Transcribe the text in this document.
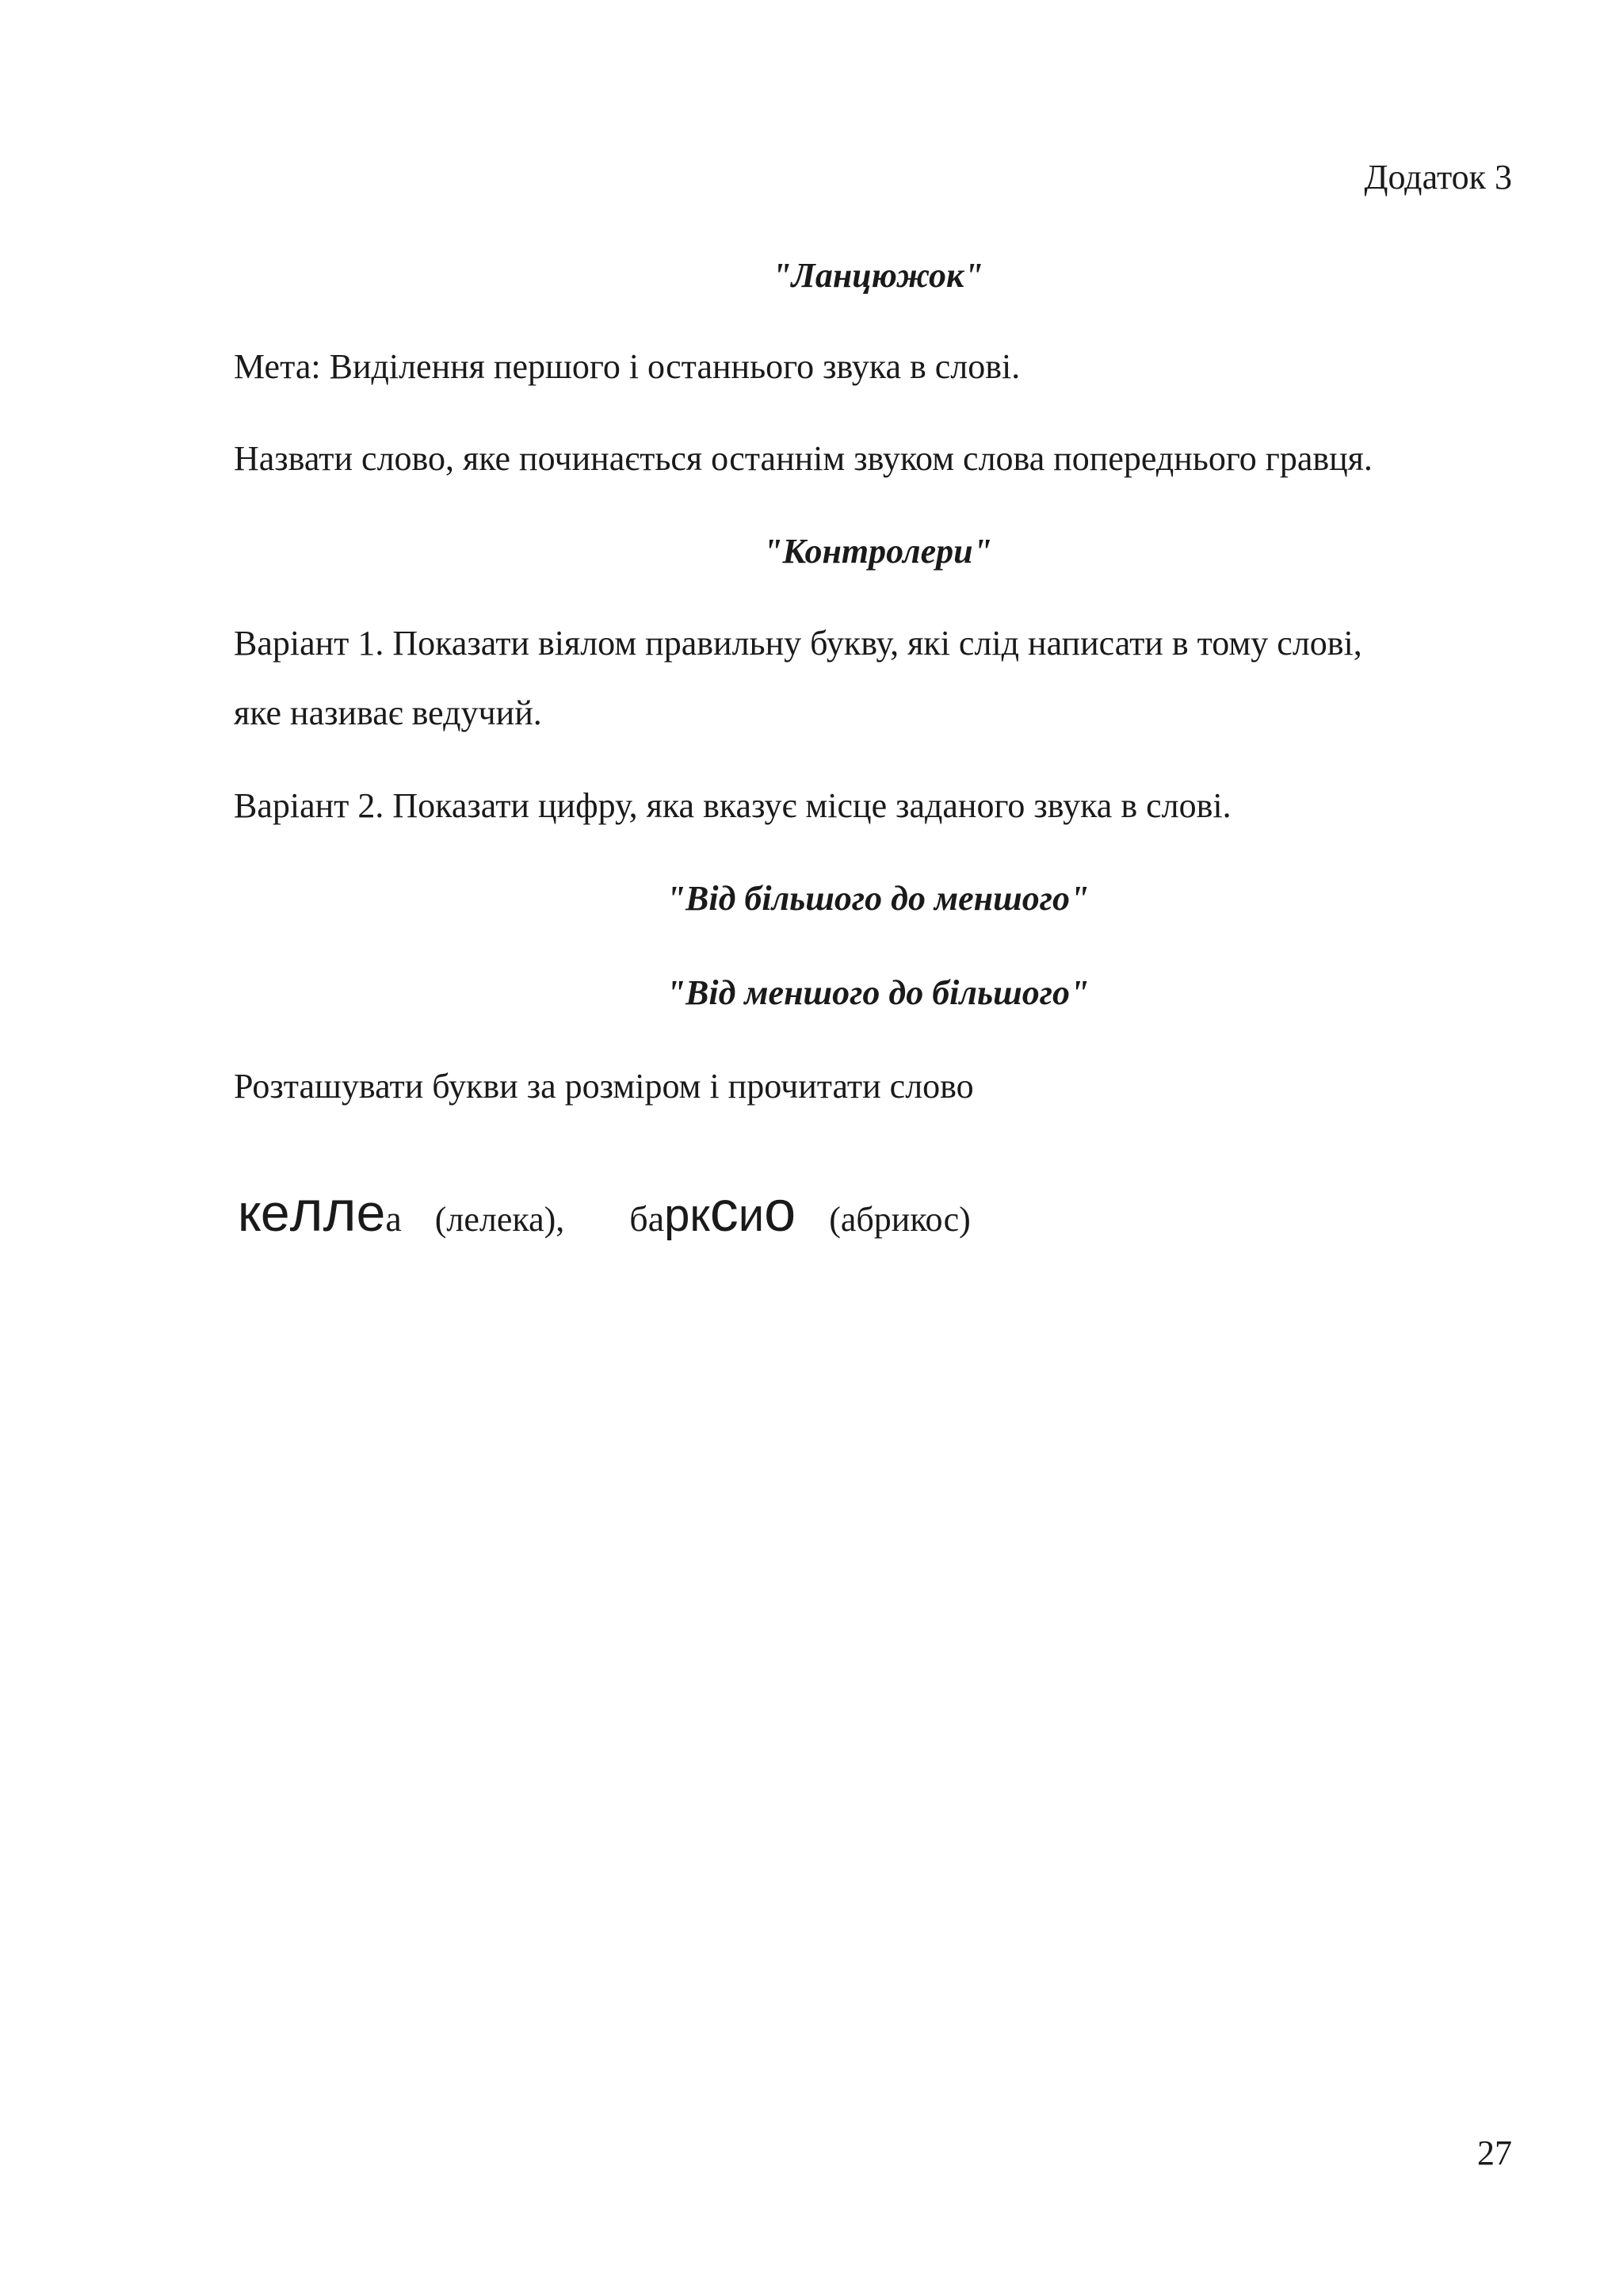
Додаток 3
"Ланцюжок"
Мета: Виділення першого і останнього звука в слові.
Назвати слово, яке починається останнім звуком слова попереднього гравця.
"Контролери"
Варіант 1. Показати віялом правильну букву, які слід написати в тому слові,
яке називає ведучий.
Варіант 2. Показати цифру, яка вказує місце заданого звука в слові.
"Від більшого до меншого"
"Від меншого до більшого"
Розташувати букви за розміром і прочитати слово
келлеа (лелека), барксио (абрикос)
27
